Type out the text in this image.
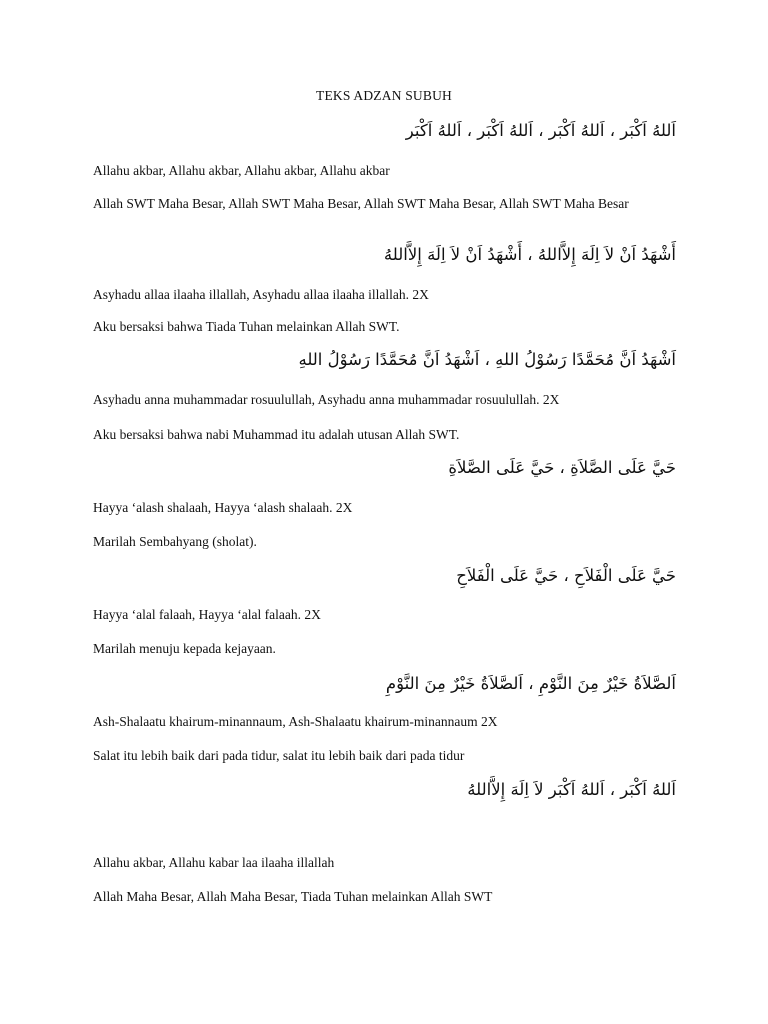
TEKS ADZAN SUBUH
اَللهُ اَكْبَر ، اَللهُ اَكْبَر ، اَللهُ اَكْبَر ، اَللهُ اَكْبَر
Allahu akbar, Allahu akbar, Allahu akbar, Allahu akbar
Allah SWT Maha Besar, Allah SWT Maha Besar, Allah SWT Maha Besar, Allah SWT Maha Besar
أَشْهَدُ اَنْ لاَ اِلَهَ إِلاَّاللهُ ، أَشْهَدُ اَنْ لاَ اِلَهَ إِلاَّاللهُ
Asyhadu allaa ilaaha illallah, Asyhadu allaa ilaaha illallah. 2X
Aku bersaksi bahwa Tiada Tuhan melainkan Allah SWT.
اَشْهَدُ اَنَّ مُحَمَّدًا رَسُوْلُ اللهِ ، اَشْهَدُ اَنَّ مُحَمَّدًا رَسُوْلُ اللهِ
Asyhadu anna muhammadar rosuulullah, Asyhadu anna muhammadar rosuulullah. 2X
Aku bersaksi bahwa nabi Muhammad itu adalah utusan Allah SWT.
حَيَّ عَلَى الصَّلاَةِ ، حَيَّ عَلَى الصَّلاَةِ
Hayya ‘alash shalaah, Hayya ‘alash shalaah. 2X
Marilah Sembahyang (sholat).
حَيَّ عَلَى الْفَلاَحِ ، حَيَّ عَلَى الْفَلاَحِ
Hayya ‘alal falaah, Hayya ‘alal falaah. 2X
Marilah menuju kepada kejayaan.
اَلصَّلاَةُ خَيْرٌ مِنَ النَّوْمِ ، اَلصَّلاَةُ خَيْرٌ مِنَ النَّوْمِ
Ash-Shalaatu khairum-minannaum, Ash-Shalaatu khairum-minannaum 2X
Salat itu lebih baik dari pada tidur, salat itu lebih baik dari pada tidur
اَللهُ اَكْبَر ، اَللهُ اَكْبَر لاَ اِلَهَ إِلاَّاللهُ
Allahu akbar, Allahu kabar laa ilaaha illallah
Allah Maha Besar, Allah Maha Besar, Tiada Tuhan melainkan Allah SWT
